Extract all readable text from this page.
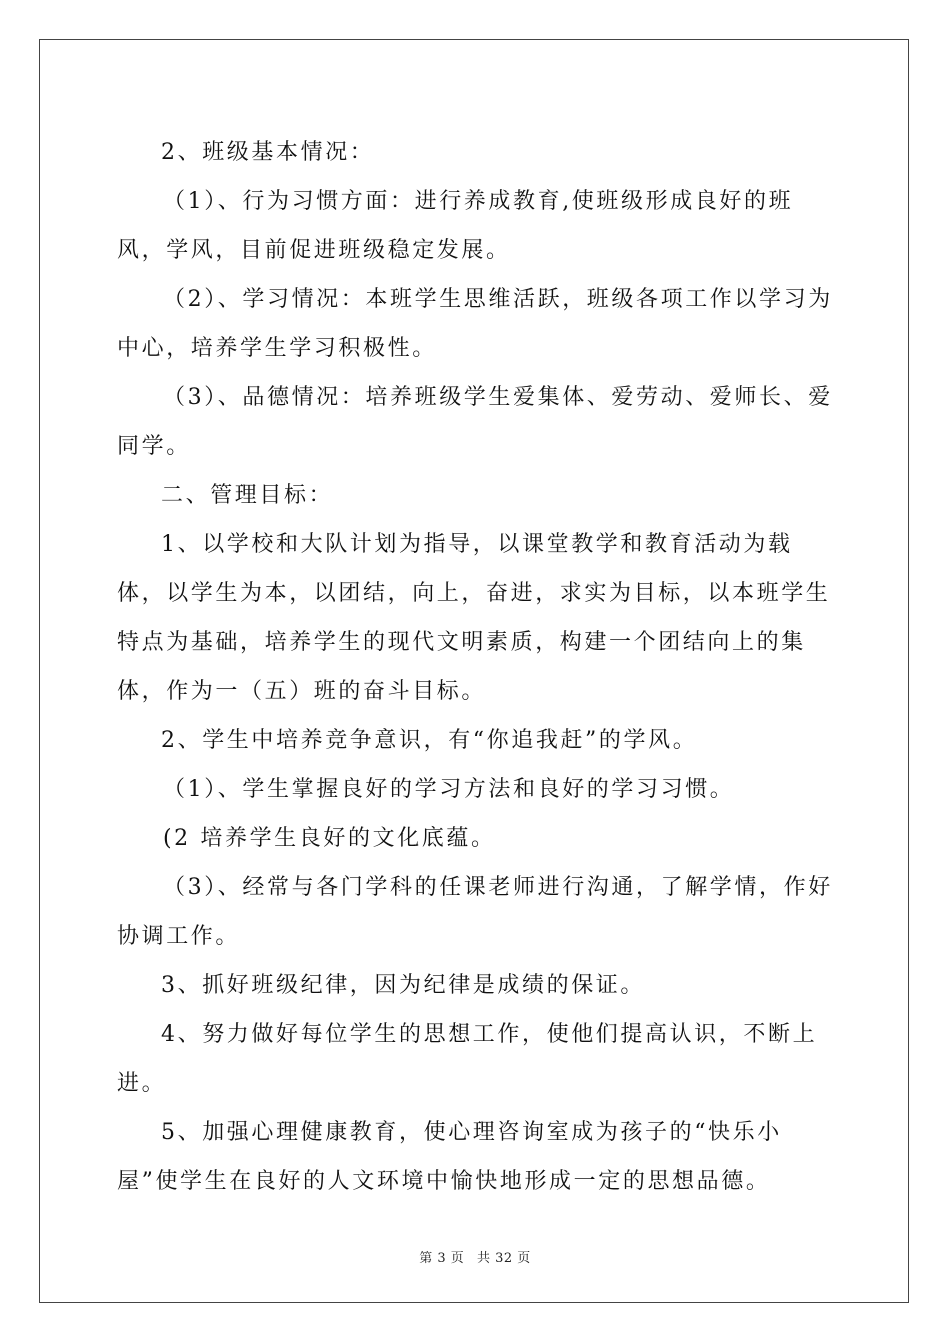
2、班级基本情况：

（1）、行为习惯方面：进行养成教育,使班级形成良好的班风，学风，目前促进班级稳定发展。

（2）、学习情况：本班学生思维活跃，班级各项工作以学习为中心，培养学生学习积极性。

（3）、品德情况：培养班级学生爱集体、爱劳动、爱师长、爱同学。

二、管理目标：

1、以学校和大队计划为指导，以课堂教学和教育活动为载体，以学生为本，以团结，向上，奋进，求实为目标，以本班学生特点为基础，培养学生的现代文明素质，构建一个团结向上的集体，作为一（五）班的奋斗目标。

2、学生中培养竞争意识，有“你追我赶”的学风。

（1）、学生掌握良好的学习方法和良好的学习习惯。

(2 培养学生良好的文化底蕴。

（3）、经常与各门学科的任课老师进行沟通，了解学情，作好协调工作。

3、抓好班级纪律，因为纪律是成绩的保证。

4、努力做好每位学生的思想工作，使他们提高认识，不断上进。

5、加强心理健康教育，使心理咨询室成为孩子的“快乐小屋”使学生在良好的人文环境中愉快地形成一定的思想品德。

第 3 页 共 32 页
